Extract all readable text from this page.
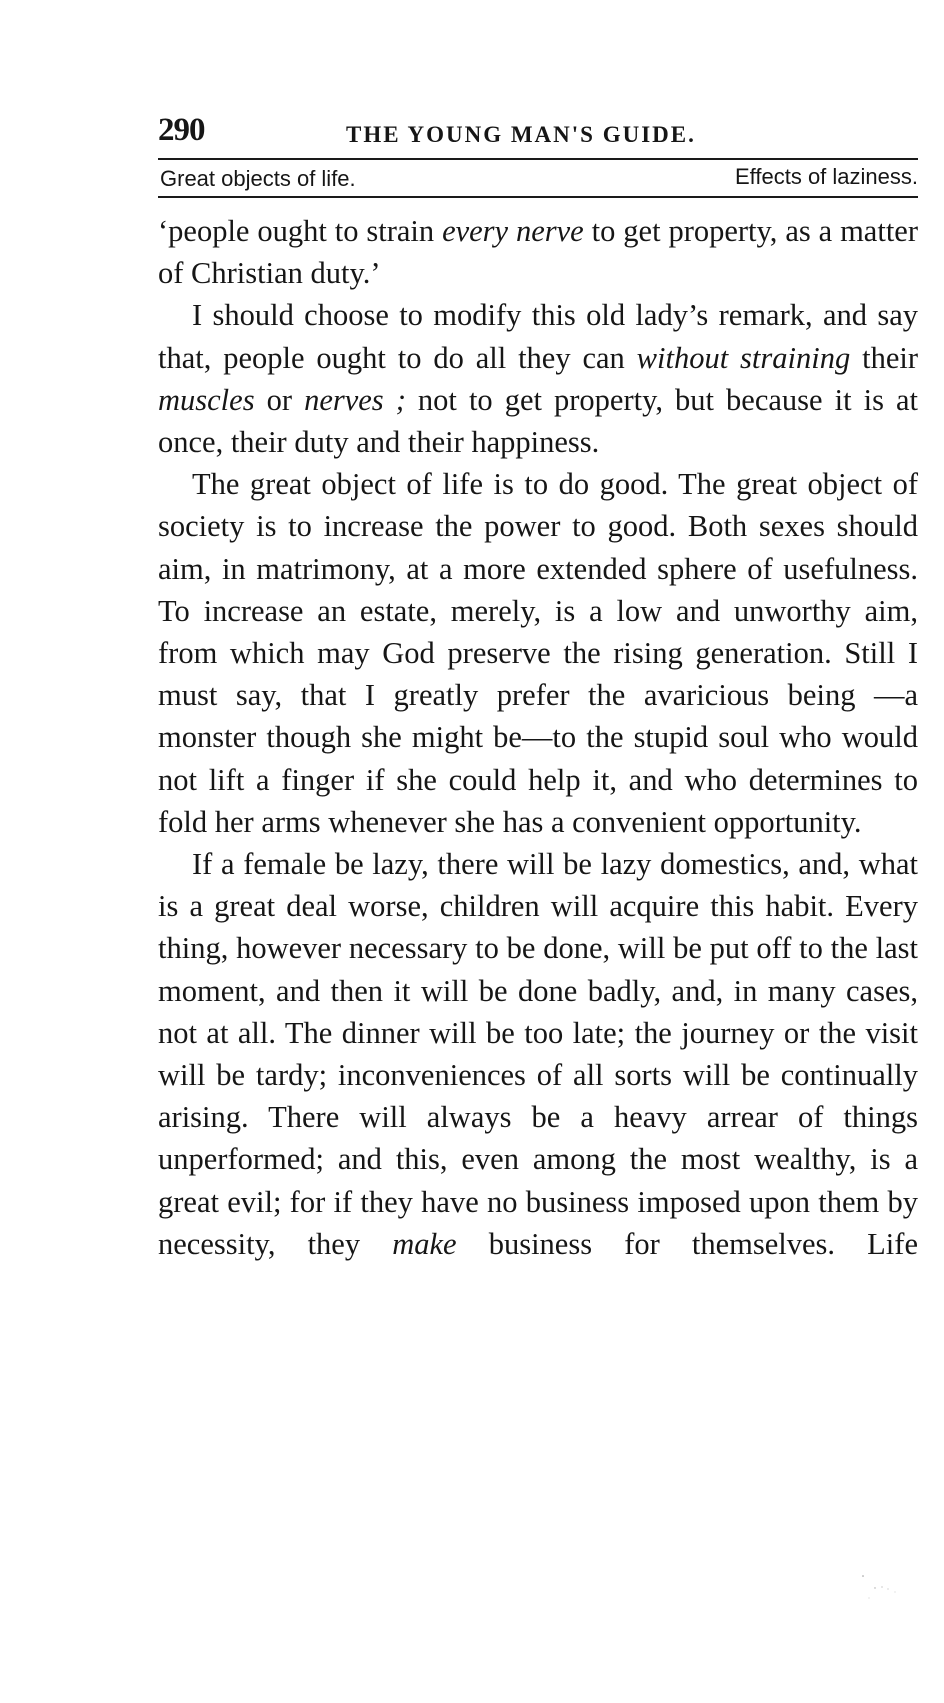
290	THE YOUNG MAN'S GUIDE.
Great objects of life.	Effects of laziness.

‘people ought to strain every nerve to get property, as a matter of Christian duty.’

I should choose to modify this old lady’s remark, and say that, people ought to do all they can without straining their muscles or nerves ; not to get property, but because it is at once, their duty and their happiness.

The great object of life is to do good. The great object of society is to increase the power to good. Both sexes should aim, in matrimony, at a more extended sphere of usefulness. To increase an estate, merely, is a low and unworthy aim, from which may God preserve the rising generation. Still I must say, that I greatly prefer the avaricious being —a monster though she might be—to the stupid soul who would not lift a finger if she could help it, and who determines to fold her arms whenever she has a convenient opportunity.

If a female be lazy, there will be lazy domestics, and, what is a great deal worse, children will acquire this habit. Every thing, however necessary to be done, will be put off to the last moment, and then it will be done badly, and, in many cases, not at all. The dinner will be too late; the journey or the visit will be tardy; inconveniences of all sorts will be continually arising. There will always be a heavy arrear of things unperformed; and this, even among the most wealthy, is a great evil; for if they have no business imposed upon them by necessity, they make business for themselves. Life
